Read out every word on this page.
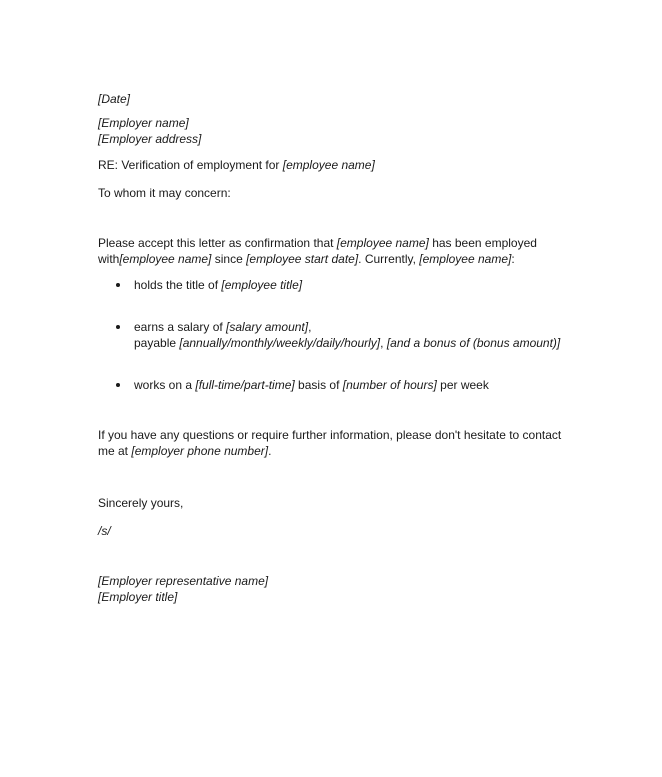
[Date]
[Employer name]
[Employer address]
RE: Verification of employment for [employee name]
To whom it may concern:
Please accept this letter as confirmation that [employee name] has been employed
with[employee name] since [employee start date]. Currently, [employee name]:
holds the title of [employee title]
earns a salary of [salary amount],
payable [annually/monthly/weekly/daily/hourly], [and a bonus of (bonus amount)]
works on a [full-time/part-time] basis of [number of hours] per week
If you have any questions or require further information, please don't hesitate to contact
me at [employer phone number].
Sincerely yours,
/s/
[Employer representative name]
[Employer title]
